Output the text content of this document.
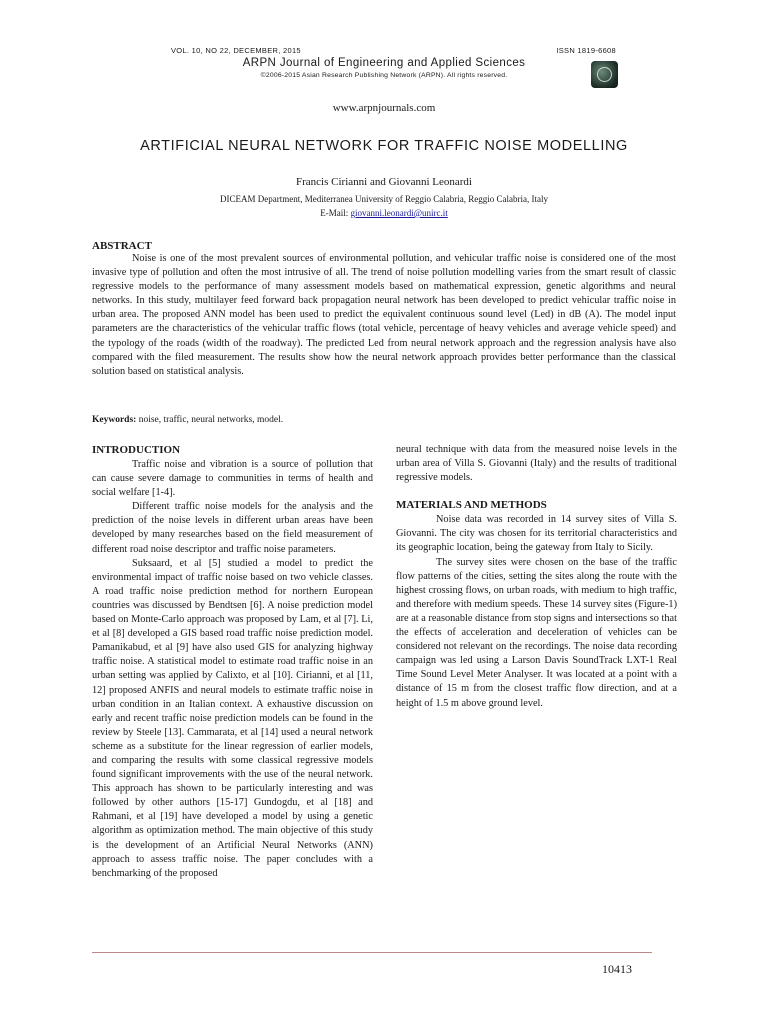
VOL. 10, NO 22, DECEMBER, 2015	ISSN 1819-6608
ARPN Journal of Engineering and Applied Sciences
©2006-2015 Asian Research Publishing Network (ARPN). All rights reserved.
www.arpnjournals.com
ARTIFICIAL NEURAL NETWORK FOR TRAFFIC NOISE MODELLING
Francis Cirianni and Giovanni Leonardi
DICEAM Department, Mediterranea University of Reggio Calabria, Reggio Calabria, Italy
E-Mail: giovanni.leonardi@unirc.it
ABSTRACT
Noise is one of the most prevalent sources of environmental pollution, and vehicular traffic noise is considered one of the most invasive type of pollution and often the most intrusive of all. The trend of noise pollution modelling varies from the smart result of classic regressive models to the performance of many assessment models based on mathematical expression, genetic algorithms and neural networks. In this study, multilayer feed forward back propagation neural network has been developed to predict vehicular traffic noise in urban area. The proposed ANN model has been used to predict the equivalent continuous sound level (Led) in dB (A). The model input parameters are the characteristics of the vehicular traffic flows (total vehicle, percentage of heavy vehicles and average vehicle speed) and the typology of the roads (width of the roadway). The predicted Led from neural network approach and the regression analysis have also compared with the filed measurement. The results show how the neural network approach provides better performance than the classical solution based on statistical analysis.
Keywords: noise, traffic, neural networks, model.
INTRODUCTION

Traffic noise and vibration is a source of pollution that can cause severe damage to communities in terms of health and social welfare [1-4].

Different traffic noise models for the analysis and the prediction of the noise levels in different urban areas have been developed by many researches based on the field measurement of different road noise descriptor and traffic noise parameters.

Suksaard, et al [5] studied a model to predict the environmental impact of traffic noise based on two vehicle classes. A road traffic noise prediction method for northern European countries was discussed by Bendtsen [6]. A noise prediction model based on Monte-Carlo approach was proposed by Lam, et al [7]. Li, et al [8] developed a GIS based road traffic noise prediction model. Pamanikabud, et al [9] have also used GIS for analyzing highway traffic noise. A statistical model to estimate road traffic noise in an urban setting was applied by Calixto, et al [10]. Cirianni, et al [11, 12] proposed ANFIS and neural models to estimate traffic noise in urban condition in an Italian context. A exhaustive discussion on early and recent traffic noise prediction models can be found in the review by Steele [13]. Cammarata, et al [14] used a neural network scheme as a substitute for the linear regression of earlier models, and comparing the results with some classical regressive models found significant improvements with the use of the neural network. This approach has shown to be particularly interesting and was followed by other authors [15-17] Gundogdu, et al [18] and Rahmani, et al [19] have developed a model by using a genetic algorithm as optimization method. The main objective of this study is the development of an Artificial Neural Networks (ANN) approach to assess traffic noise. The paper concludes with a benchmarking of the proposed

neural technique with data from the measured noise levels in the urban area of Villa S. Giovanni (Italy) and the results of traditional regressive models.

MATERIALS AND METHODS

Noise data was recorded in 14 survey sites of Villa S. Giovanni. The city was chosen for its territorial characteristics and its geographic location, being the gateway from Italy to Sicily.

The survey sites were chosen on the base of the traffic flow patterns of the cities, setting the sites along the route with the highest crossing flows, on urban roads, with medium to high traffic, and therefore with medium speeds. These 14 survey sites (Figure-1) are at a reasonable distance from stop signs and intersections so that the effects of acceleration and deceleration of vehicles can be considered not relevant on the recordings. The noise data recording campaign was led using a Larson Davis SoundTrack LXT-1 Real Time Sound Level Meter Analyser. It was located at a point with a distance of 15 m from the closest traffic flow direction, and at a height of 1.5 m above ground level.

10413
